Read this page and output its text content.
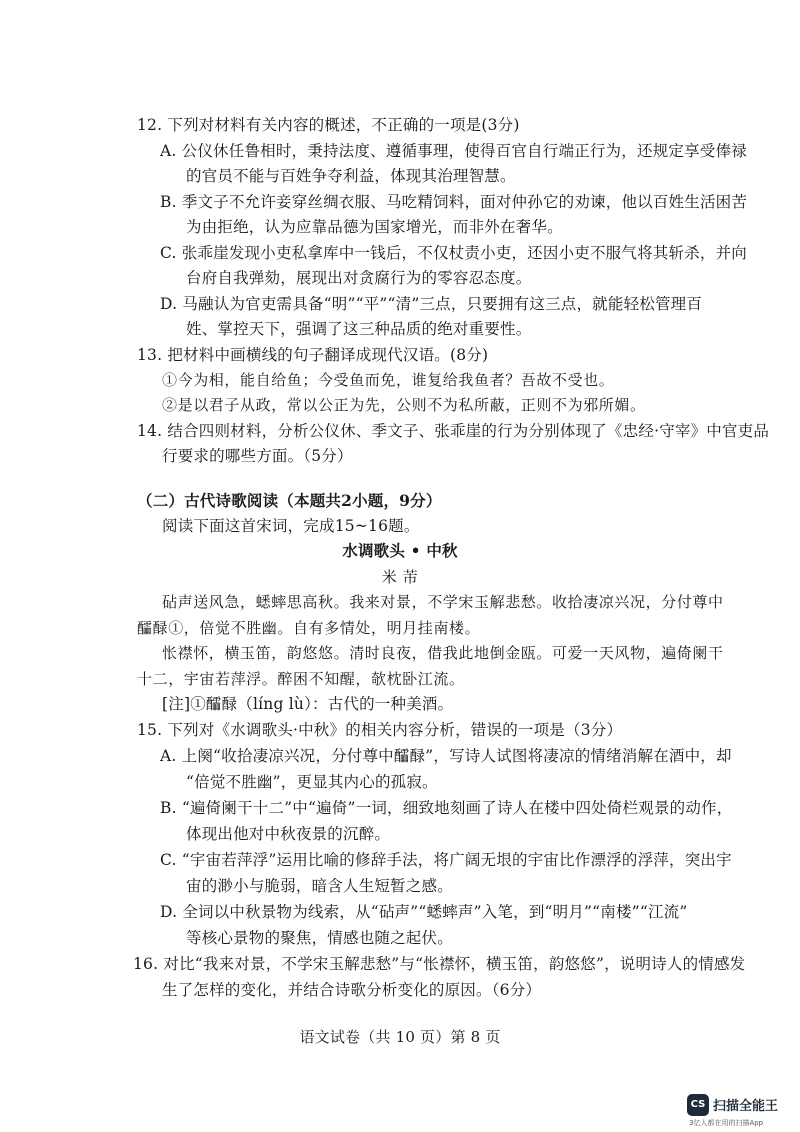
12. 下列对材料有关内容的概述，不正确的一项是(3分)
A. 公仪休任鲁相时，秉持法度、遵循事理，使得百官自行端正行为，还规定享受俸禄
的官员不能与百姓争夺利益，体现其治理智慧。
B. 季文子不允许妾穿丝绸衣服、马吃精饲料，面对仲孙它的劝谏，他以百姓生活困苦
为由拒绝，认为应靠品德为国家增光，而非外在奢华。
C. 张乖崖发现小吏私拿库中一钱后，不仅杖责小吏，还因小吏不服气将其斩杀，并向
台府自我弹劾，展现出对贪腐行为的零容忍态度。
D. 马融认为官吏需具备“明”“平”“清”三点，只要拥有这三点，就能轻松管理百
姓、掌控天下，强调了这三种品质的绝对重要性。
13. 把材料中画横线的句子翻译成现代汉语。(8分)
①今为相，能自给鱼；今受鱼而免，谁复给我鱼者？吾故不受也。
②是以君子从政，常以公正为先，公则不为私所蔽，正则不为邪所媚。
14. 结合四则材料，分析公仪休、季文子、张乖崖的行为分别体现了《忠经·守宰》中官吏品
行要求的哪些方面。（5分）
（二）古代诗歌阅读（本题共2小题，9分）
阅读下面这首宋词，完成15~16题。
水调歌头 • 中秋
米 芾
砧声送风急，蟋蟀思高秋。我来对景，不学宋玉解悲愁。收拾凄凉兴况，分付尊中
醽醁①，倍觉不胜幽。自有多情处，明月挂南楼。
怅襟怀，横玉笛，韵悠悠。清时良夜，借我此地倒金瓯。可爱一天风物，遍倚阑干
十二，宇宙若萍浮。醉困不知醒，欹枕卧江流。
[注]①醽醁（líng lù）：古代的一种美酒。
15. 下列对《水调歌头·中秋》的相关内容分析，错误的一项是（3分）
A. 上阕“收拾凄凉兴况，分付尊中醽醁”，写诗人试图将凄凉的情绪消解在酒中，却
“倍觉不胜幽”，更显其内心的孤寂。
B. “遍倚阑干十二”中“遍倚”一词，细致地刻画了诗人在楼中四处倚栏观景的动作，
体现出他对中秋夜景的沉醉。
C. “宇宙若萍浮”运用比喻的修辞手法，将广阔无垠的宇宙比作漂浮的浮萍，突出宇
宙的渺小与脆弱，暗含人生短暂之感。
D. 全词以中秋景物为线索，从“砧声”“蟋蟀声”入笔，到“明月”“南楼”“江流”
等核心景物的聚焦，情感也随之起伏。
16. 对比“我来对景，不学宋玉解悲愁”与“怅襟怀，横玉笛，韵悠悠”，说明诗人的情感发
生了怎样的变化，并结合诗歌分析变化的原因。（6分）
语文试卷（共 10 页）第 8 页
CS 扫描全能王
3亿人都在用的扫描App
